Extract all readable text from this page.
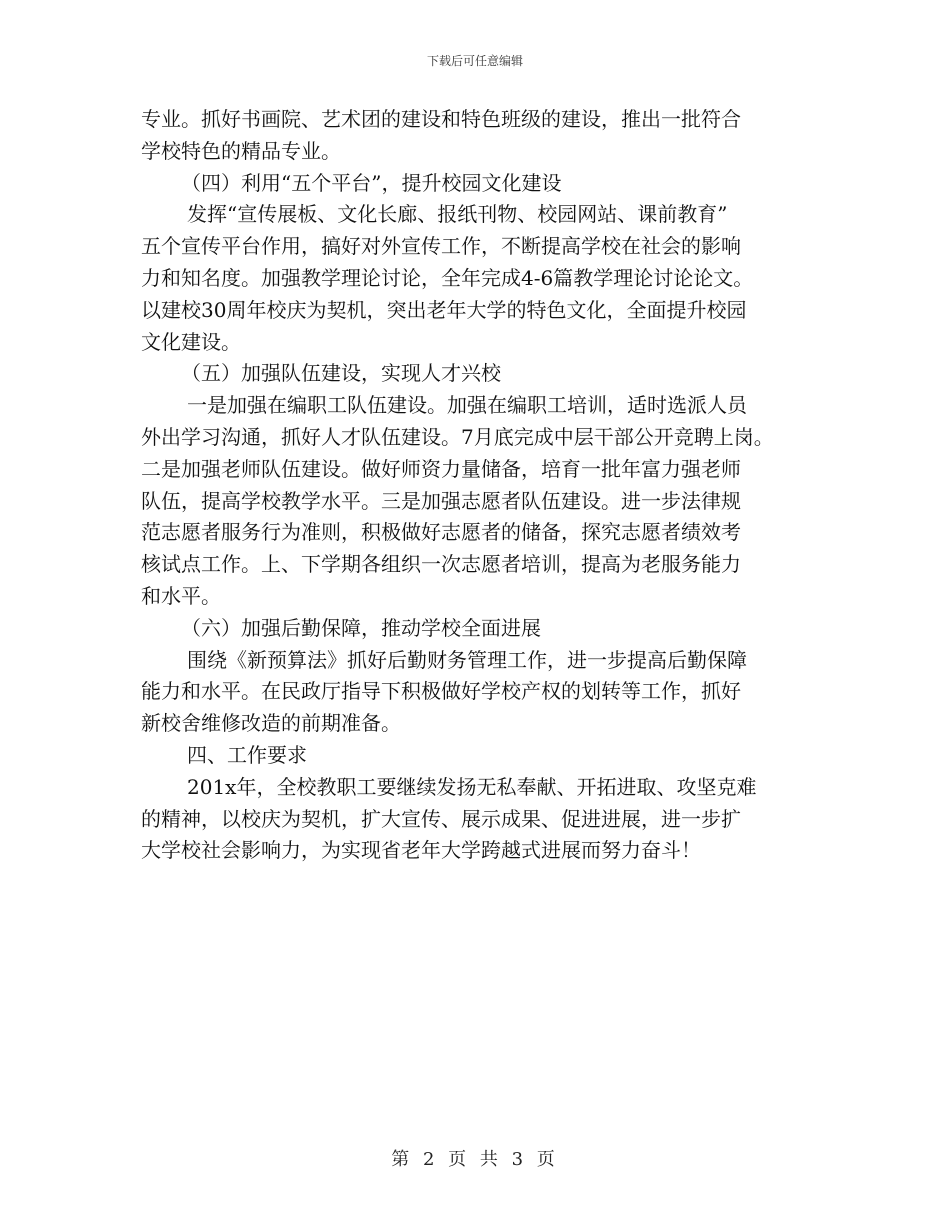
下载后可任意编辑
专业。抓好书画院、艺术团的建设和特色班级的建设，推出一批符合
学校特色的精品专业。
（四）利用“五个平台”，提升校园文化建设
发挥“宣传展板、文化长廊、报纸刊物、校园网站、课前教育”
五个宣传平台作用，搞好对外宣传工作，不断提高学校在社会的影响
力和知名度。加强教学理论讨论，全年完成4-6篇教学理论讨论论文。
以建校30周年校庆为契机，突出老年大学的特色文化，全面提升校园
文化建设。
（五）加强队伍建设，实现人才兴校
一是加强在编职工队伍建设。加强在编职工培训，适时选派人员
外出学习沟通，抓好人才队伍建设。7月底完成中层干部公开竞聘上岗。
二是加强老师队伍建设。做好师资力量储备，培育一批年富力强老师
队伍，提高学校教学水平。三是加强志愿者队伍建设。进一步法律规
范志愿者服务行为准则，积极做好志愿者的储备，探究志愿者绩效考
核试点工作。上、下学期各组织一次志愿者培训，提高为老服务能力
和水平。
（六）加强后勤保障，推动学校全面进展
围绕《新预算法》抓好后勤财务管理工作，进一步提高后勤保障
能力和水平。在民政厅指导下积极做好学校产权的划转等工作，抓好
新校舍维修改造的前期准备。
四、工作要求
201x年，全校教职工要继续发扬无私奉献、开拓进取、攻坚克难
的精神，以校庆为契机，扩大宣传、展示成果、促进进展，进一步扩
大学校社会影响力，为实现省老年大学跨越式进展而努力奋斗！
第 2 页 共 3 页
